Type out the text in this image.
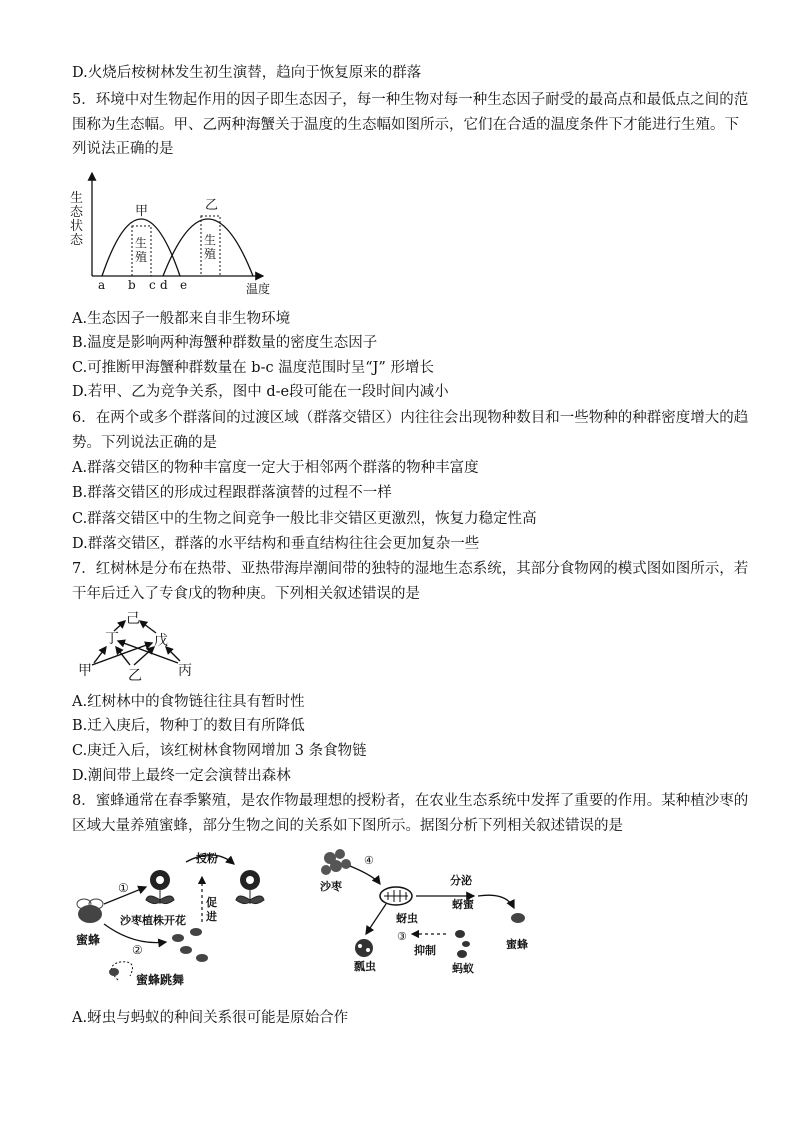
D.火烧后桉树林发生初生演替，趋向于恢复原来的群落
5．环境中对生物起作用的因子即生态因子，每一种生物对每一种生态因子耐受的最高点和最低点之间的范
围称为生态幅。甲、乙两种海蟹关于温度的生态幅如图所示，它们在合适的温度条件下才能进行生殖。下
列说法正确的是
生态状态
甲	乙
生
殖
生
殖
a b c d e	温度
A.生态因子一般都来自非生物环境
B.温度是影响两种海蟹种群数量的密度生态因子
C.可推断甲海蟹种群数量在 b-c 温度范围时呈“J” 形增长
D.若甲、乙为竞争关系，图中 d-e段可能在一段时间内减小
6．在两个或多个群落间的过渡区域（群落交错区）内往往会出现物种数目和一些物种的种群密度增大的趋
势。下列说法正确的是
A.群落交错区的物种丰富度一定大于相邻两个群落的物种丰富度
B.群落交错区的形成过程跟群落演替的过程不一样
C.群落交错区中的生物之间竞争一般比非交错区更激烈，恢复力稳定性高
D.群落交错区，群落的水平结构和垂直结构往往会更加复杂一些
7．红树林是分布在热带、亚热带海岸潮间带的独特的湿地生态系统，其部分食物网的模式图如图所示，若
干年后迁入了专食戊的物种庚。下列相关叙述错误的是
己
丁	戊
甲	乙	丙
A.红树林中的食物链往往具有暂时性
B.迁入庚后，物种丁的数目有所降低
C.庚迁入后，该红树林食物网增加 3 条食物链
D.潮间带上最终一定会演替出森林
8．蜜蜂通常在春季繁殖，是农作物最理想的授粉者，在农业生态系统中发挥了重要的作用。某种植沙枣的
区域大量养殖蜜蜂，部分生物之间的关系如下图所示。据图分析下列相关叙述错误的是
蜜蜂
①
沙枣植株开花
授粉
促
进
②
蜜蜂跳舞
沙枣
④
蚜虫
分泌
蚜蜜
蜜蜂
瓢虫
③
抑制
蚂蚁
A.蚜虫与蚂蚁的种间关系很可能是原始合作
